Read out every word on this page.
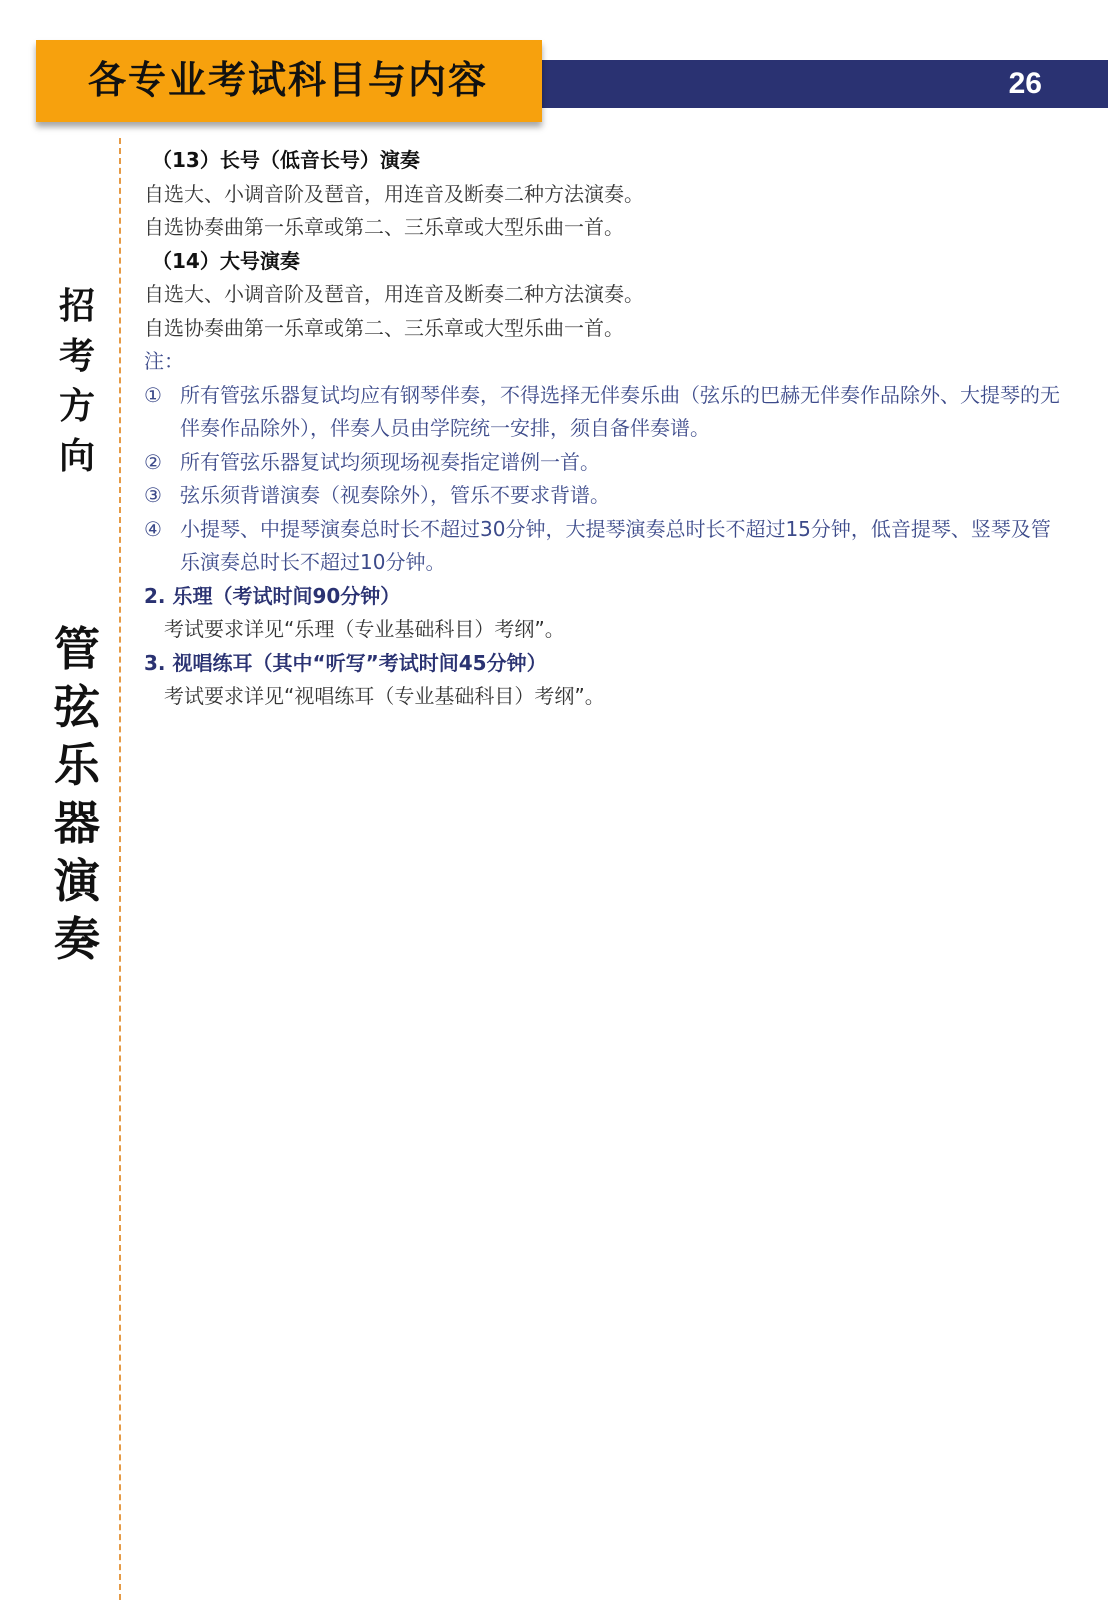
26
各专业考试科目与内容
招
考
方
向
管
弦
乐
器
演
奏
（13）长号（低音长号）演奏
自选大、小调音阶及琶音，用连音及断奏二种方法演奏。
自选协奏曲第一乐章或第二、三乐章或大型乐曲一首。
（14）大号演奏
自选大、小调音阶及琶音，用连音及断奏二种方法演奏。
自选协奏曲第一乐章或第二、三乐章或大型乐曲一首。
注：
① 所有管弦乐器复试均应有钢琴伴奏，不得选择无伴奏乐曲（弦乐的巴赫无伴奏作品除外、大提琴的无伴奏作品除外），伴奏人员由学院统一安排，须自备伴奏谱。
② 所有管弦乐器复试均须现场视奏指定谱例一首。
③ 弦乐须背谱演奏（视奏除外），管乐不要求背谱。
④ 小提琴、中提琴演奏总时长不超过30分钟，大提琴演奏总时长不超过15分钟，低音提琴、竖琴及管乐演奏总时长不超过10分钟。
2. 乐理（考试时间90分钟）
考试要求详见“乐理（专业基础科目）考纲”。
3. 视唱练耳（其中“听写”考试时间45分钟）
考试要求详见“视唱练耳（专业基础科目）考纲”。
